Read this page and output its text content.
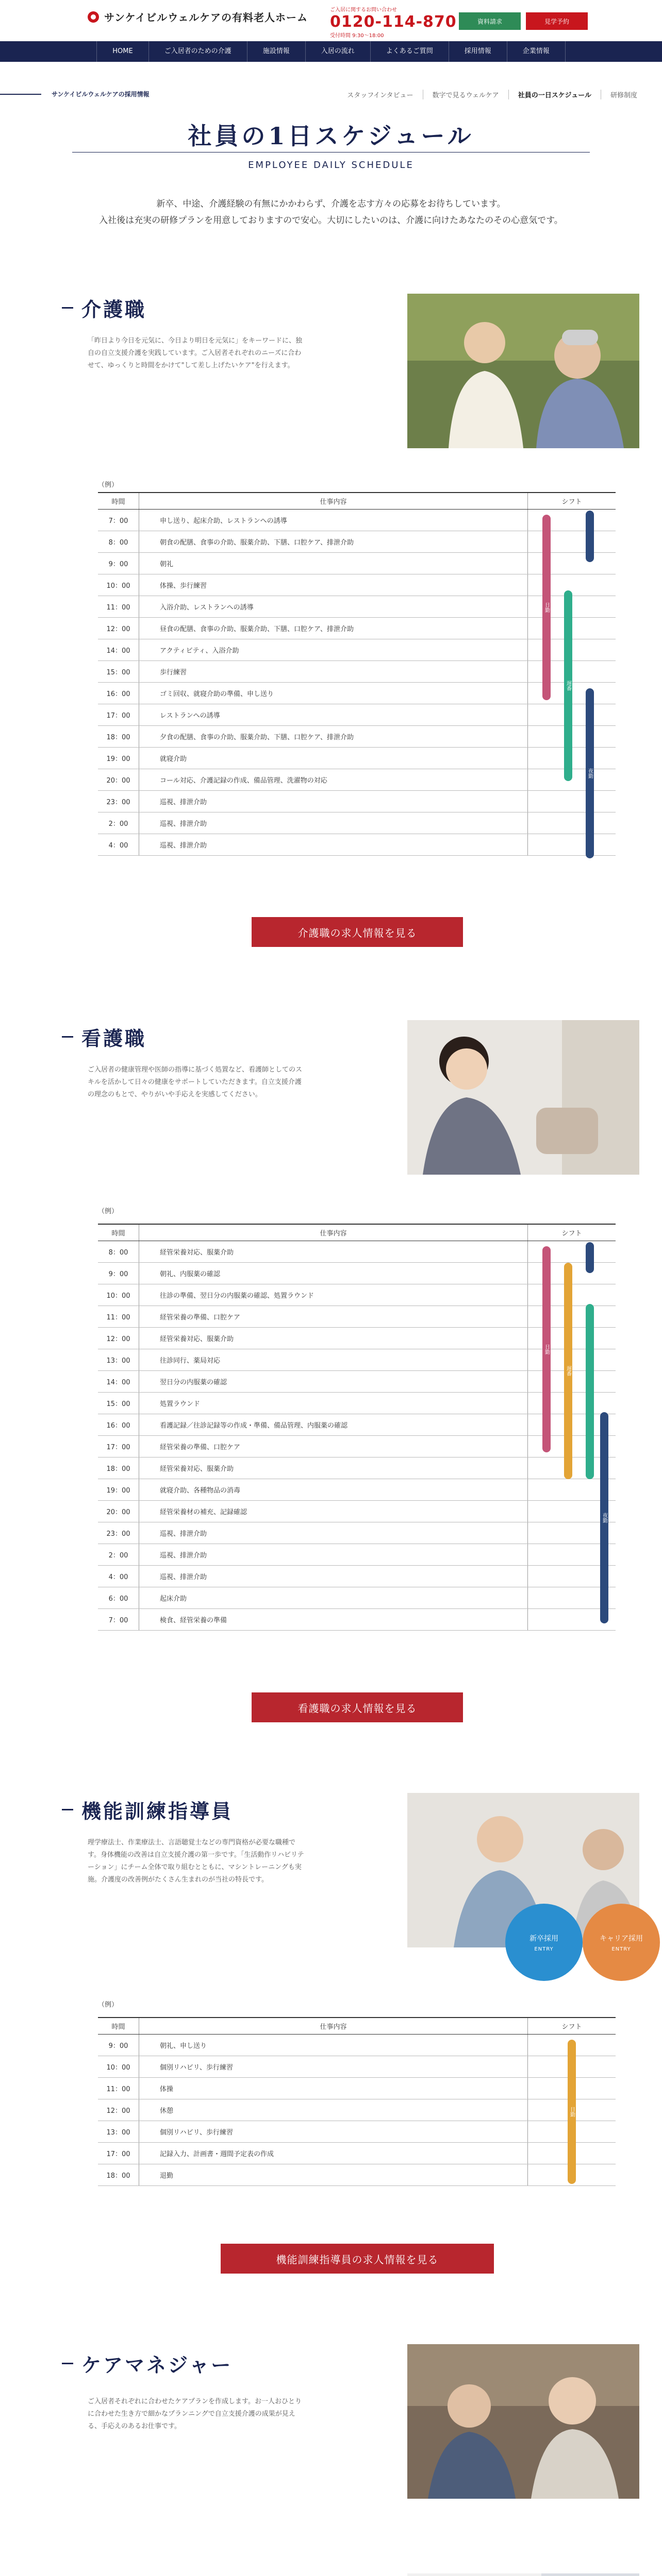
サンケイビルウェルケアの有料老人ホーム
ご入居に関するお問い合わせ
0120-114-870
受付時間 9:30〜18:00
資料請求	見学予約
HOME	ご入居者のための介護	施設情報	入居の流れ	よくあるご質問	採用情報	企業情報
サンケイビルウェルケアの採用情報	スタッフインタビュー	数字で見るウェルケア	社員の一日スケジュール	研修制度
社員の1日スケジュール
EMPLOYEE DAILY SCHEDULE

新卒、中途、介護経験の有無にかかわらず、介護を志す方々の応募をお待ちしています。

入社後は充実の研修プランを用意しておりますので安心。大切にしたいのは、介護に向けたあなたのその心意気です。

介護職

「昨日より今日を元気に、今日より明日を元気に」をキーワードに、独自の自立支援介護を実践しています。ご入居者それぞれのニーズに合わせて、ゆっくりと時間をかけて"して差し上げたいケア"を行えます。

（例）
時間	仕事内容	シフト
7：00	申し送り、起床介助、レストランへの誘導
8：00	朝食の配膳、食事の介助、服薬介助、下膳、口腔ケア、排泄介助
9：00	朝礼
10：00	体操、歩行練習
11：00	入浴介助、レストランへの誘導
12：00	昼食の配膳、食事の介助、服薬介助、下膳、口腔ケア、排泄介助
14：00	アクティビティ、入浴介助
15：00	歩行練習
16：00	ゴミ回収、就寝介助の準備、申し送り
17：00	レストランへの誘導
18：00	夕食の配膳、食事の介助、服薬介助、下膳、口腔ケア、排泄介助
19：00	就寝介助
20：00	コール対応、介護記録の作成、備品管理、洗濯物の対応
23：00	巡視、排泄介助
2：00	巡視、排泄介助
4：00	巡視、排泄介助
日勤
遅番
夜勤
介護職の求人情報を見る
看護職

ご入居者の健康管理や医師の指導に基づく処置など、看護師としてのスキルを活かして日々の健康をサポートしていただきます。自立支援介護の理念のもとで、やりがいや手応えを実感してください。

（例）
時間	仕事内容	シフト
8：00	経管栄養対応、服薬介助
9：00	朝礼、内服薬の確認
10：00	往診の準備、翌日分の内服薬の確認、処置ラウンド
11：00	経管栄養の準備、口腔ケア
12：00	経管栄養対応、服薬介助
13：00	往診同行、薬局対応
14：00	翌日分の内服薬の確認
15：00	処置ラウンド
16：00	看護記録／往診記録等の作成・準備、備品管理、内服薬の確認
17：00	経管栄養の準備、口腔ケア
18：00	経管栄養対応、服薬介助
19：00	就寝介助、各種物品の消毒
20：00	経管栄養材の補充、記録確認
23：00	巡視、排泄介助
2：00	巡視、排泄介助
4：00	巡視、排泄介助
6：00	起床介助
7：00	検食、経管栄養の準備
日勤
遅番
夜勤
看護職の求人情報を見る
機能訓練指導員

理学療法士、作業療法士、言語聴覚士などの専門資格が必要な職種です。身体機能の改善は自立支援介護の第一歩です。「生活動作リハビリテーション」にチーム全体で取り組むとともに、マシントレーニングも実施。介護度の改善例がたくさん生まれのが当社の特長です。

新卒採用
ENTRY
キャリア採用
ENTRY
（例）
時間	仕事内容	シフト
9：00	朝礼、申し送り
10：00	個別リハビリ、歩行練習
11：00	体操
12：00	休憩
13：00	個別リハビリ、歩行練習
17：00	記録入力、計画書・週間予定表の作成
18：00	退勤
日勤
機能訓練指導員の求人情報を見る
ケアマネジャー

ご入居者それぞれに合わせたケアプランを作成します。お一人おひとりに合わせた生き方で細かなプランニングで自立支援介護の成果が見える、手応えのあるお仕事です。
